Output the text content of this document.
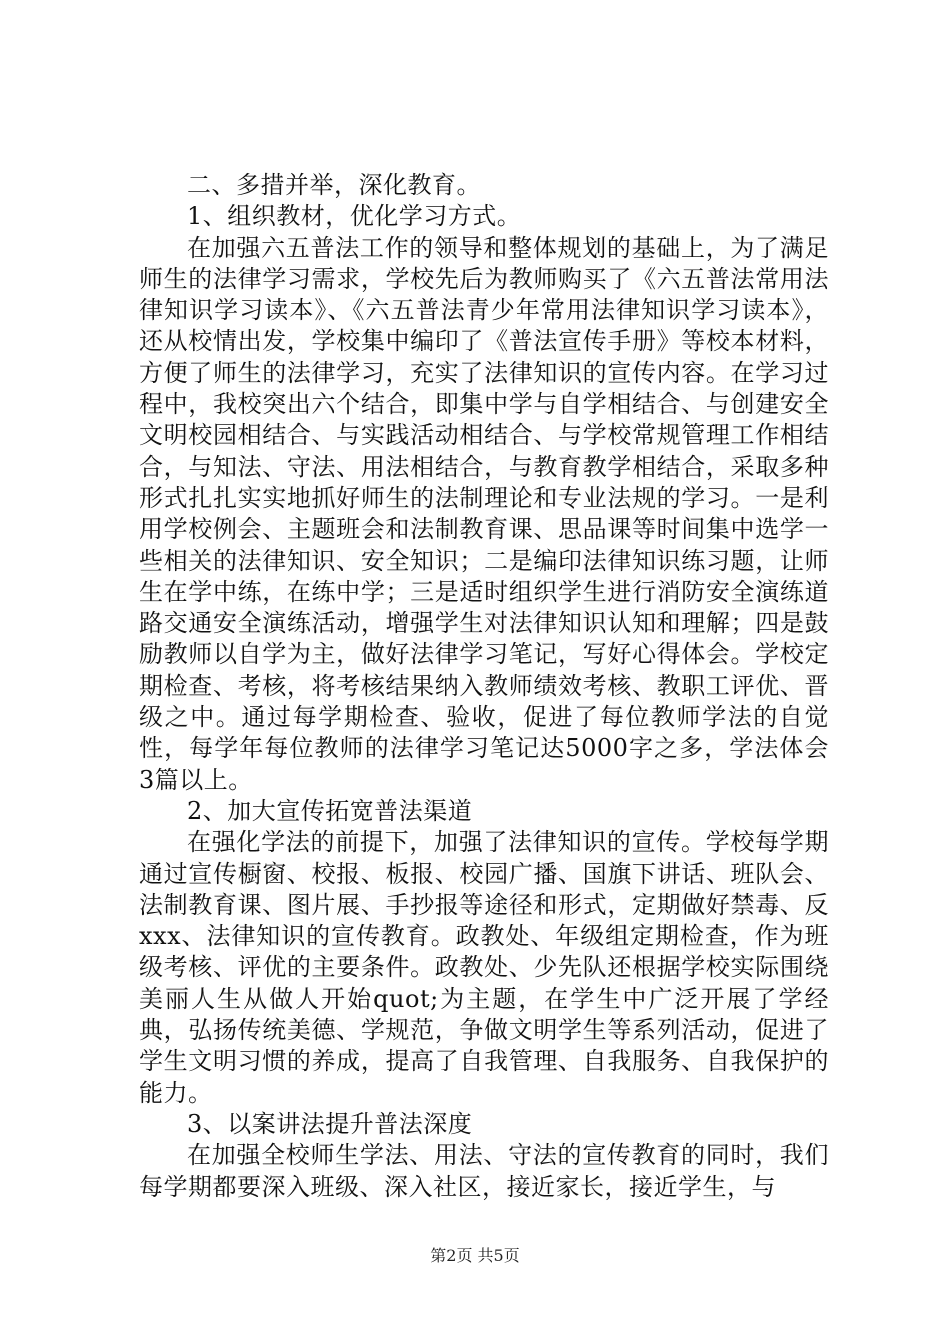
二、多措并举，深化教育。

1、组织教材，优化学习方式。

在加强六五普法工作的领导和整体规划的基础上，为了满足师生的法律学习需求，学校先后为教师购买了《六五普法常用法律知识学习读本》、《六五普法青少年常用法律知识学习读本》，还从校情出发，学校集中编印了《普法宣传手册》等校本材料，方便了师生的法律学习，充实了法律知识的宣传内容。在学习过程中，我校突出六个结合，即集中学与自学相结合、与创建安全文明校园相结合、与实践活动相结合、与学校常规管理工作相结合，与知法、守法、用法相结合，与教育教学相结合，采取多种形式扎扎实实地抓好师生的法制理论和专业法规的学习。一是利用学校例会、主题班会和法制教育课、思品课等时间集中选学一些相关的法律知识、安全知识；二是编印法律知识练习题，让师生在学中练，在练中学；三是适时组织学生进行消防安全演练道路交通安全演练活动，增强学生对法律知识认知和理解；四是鼓励教师以自学为主，做好法律学习笔记，写好心得体会。学校定期检查、考核，将考核结果纳入教师绩效考核、教职工评优、晋级之中。通过每学期检查、验收，促进了每位教师学法的自觉性，每学年每位教师的法律学习笔记达5000字之多，学法体会3篇以上。

2、加大宣传拓宽普法渠道

在强化学法的前提下，加强了法律知识的宣传。学校每学期通过宣传橱窗、校报、板报、校园广播、国旗下讲话、班队会、法制教育课、图片展、手抄报等途径和形式，定期做好禁毒、反xxx、法律知识的宣传教育。政教处、年级组定期检查，作为班级考核、评优的主要条件。政教处、少先队还根据学校实际围绕美丽人生从做人开始quot;为主题，在学生中广泛开展了学经典，弘扬传统美德、学规范，争做文明学生等系列活动，促进了学生文明习惯的养成，提高了自我管理、自我服务、自我保护的能力。

3、以案讲法提升普法深度

在加强全校师生学法、用法、守法的宣传教育的同时，我们每学期都要深入班级、深入社区，接近家长，接近学生，与

第2页 共5页
